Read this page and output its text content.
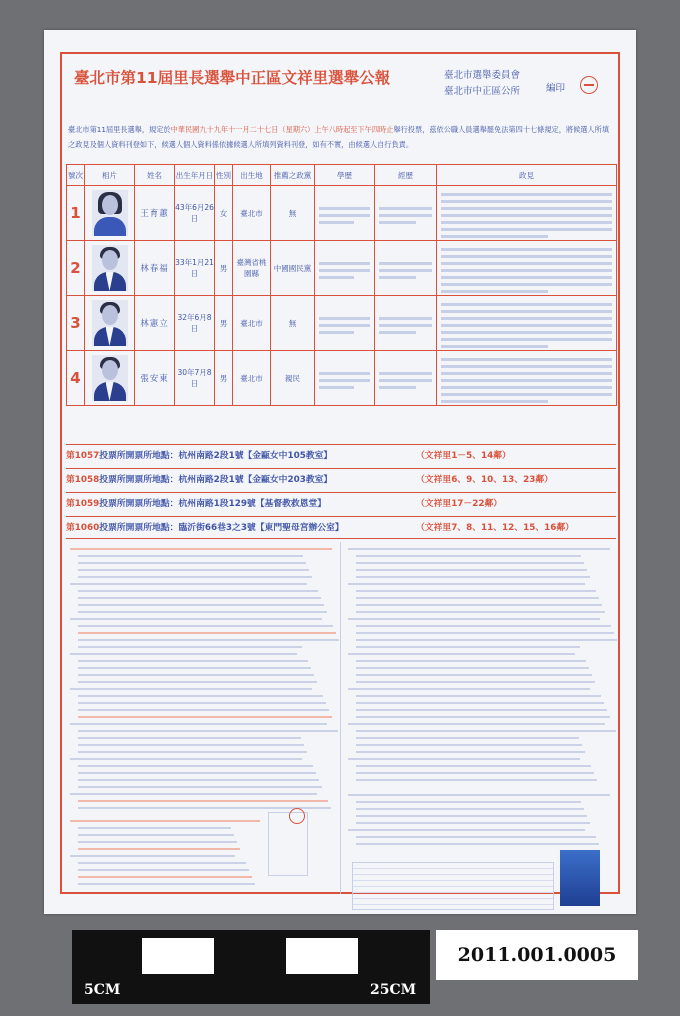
臺北市第11屆里長選舉中正區文祥里選舉公報	臺北市選舉委員會
臺北市中正區公所	編印
臺北市第11屆里長選舉，規定於中華民國九十九年十一月二十七日（星期六）上午八時起至下午四時止舉行投票，茲依公職人員選舉罷免法第四十七條規定，將候選人所填之政見及個人資料刊登如下，候選人個人資料係依據候選人所填列資料刊登，如有不實，由候選人自行負責。
號次	相片	姓名	出生年月日	性別	出生地	推薦之政黨	學歷	經歷	政見
1		王育蕙	43年6月26日	女	臺北市	無	

2		林春福	33年1月21日	男	臺灣省桃園縣	中國國民黨	

3		林憲立	32年6月8日	男	臺北市	無	

4		張安東	30年7月8日	男	臺北市	親民	

第1057投票所開票所地點：杭州南路2段1號【金甌女中105教室】	（文祥里1－5、14鄰）
第1058投票所開票所地點：杭州南路2段1號【金甌女中203教室】	（文祥里6、9、10、13、23鄰）
第1059投票所開票所地點：杭州南路1段129號【基督教救恩堂】	（文祥里17－22鄰）
第1060投票所開票所地點：臨沂街66巷3之3號【東門聖母宮辦公室】	（文祥里7、8、11、12、15、16鄰）
5CM	25CM
2011.001.0005
